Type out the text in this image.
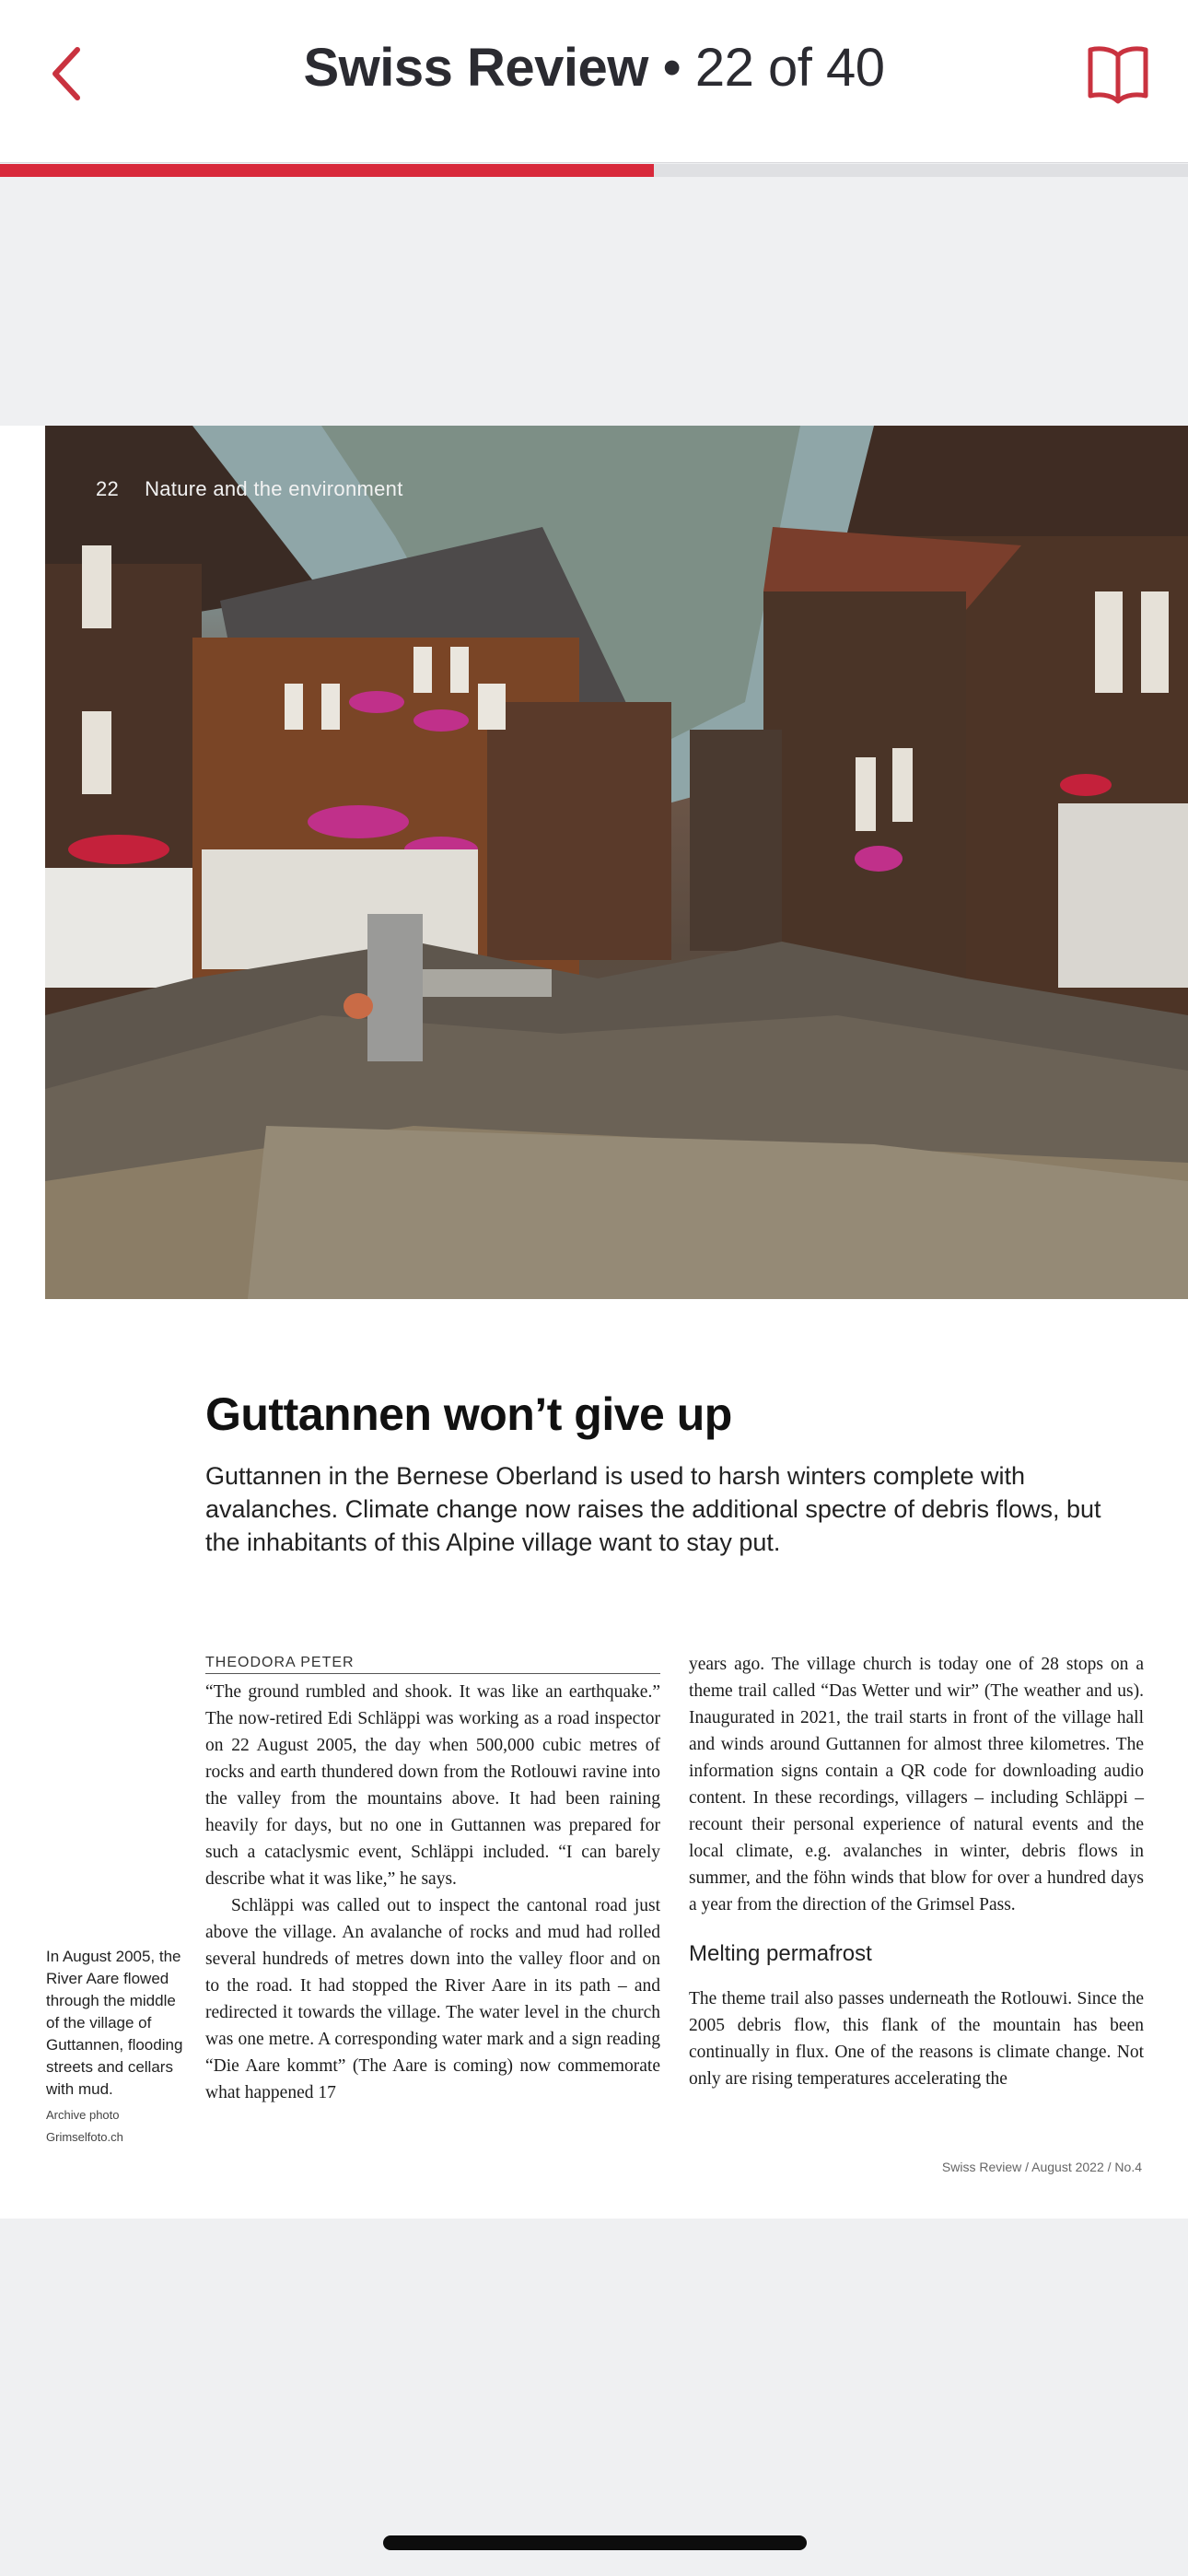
Swiss Review • 22 of 40
22 Nature and the environment
Guttannen won’t give up
Guttannen in the Bernese Oberland is used to harsh winters complete with avalanches. Climate change now raises the additional spectre of debris flows, but the inhabitants of this Alpine village want to stay put.
THEODORA PETER

“The ground rumbled and shook. It was like an earthquake.” The now-retired Edi Schläppi was working as a road inspector on 22 August 2005, the day when 500,000 cubic metres of rocks and earth thundered down from the Rotlouwi ravine into the valley from the mountains above. It had been raining heavily for days, but no one in Guttannen was prepared for such a cataclysmic event, Schläppi included. “I can barely describe what it was like,” he says.

Schläppi was called out to inspect the cantonal road just above the village. An avalanche of rocks and mud had rolled several hundreds of metres down into the valley floor and on to the road. It had stopped the River Aare in its path – and redirected it towards the village. The water level in the church was one metre. A corresponding water mark and a sign reading “Die Aare kommt” (The Aare is coming) now commemorate what happened 17

years ago. The village church is today one of 28 stops on a theme trail called “Das Wetter und wir” (The weather and us). Inaugurated in 2021, the trail starts in front of the village hall and winds around Guttannen for almost three kilometres. The information signs contain a QR code for downloading audio content. In these recordings, villagers – including Schläppi – recount their personal experience of natural events and the local climate, e.g. avalanches in winter, debris flows in summer, and the föhn winds that blow for over a hundred days a year from the direction of the Grimsel Pass.

Melting permafrost

The theme trail also passes underneath the Rotlouwi. Since the 2005 debris flow, this flank of the mountain has been continually in flux. One of the reasons is climate change. Not only are rising temperatures accelerating the

In August 2005, the River Aare flowed through the middle of the village of Guttannen, flooding streets and cellars with mud.
Archive photo Grimselfoto.ch
Swiss Review / August 2022 / No.4
